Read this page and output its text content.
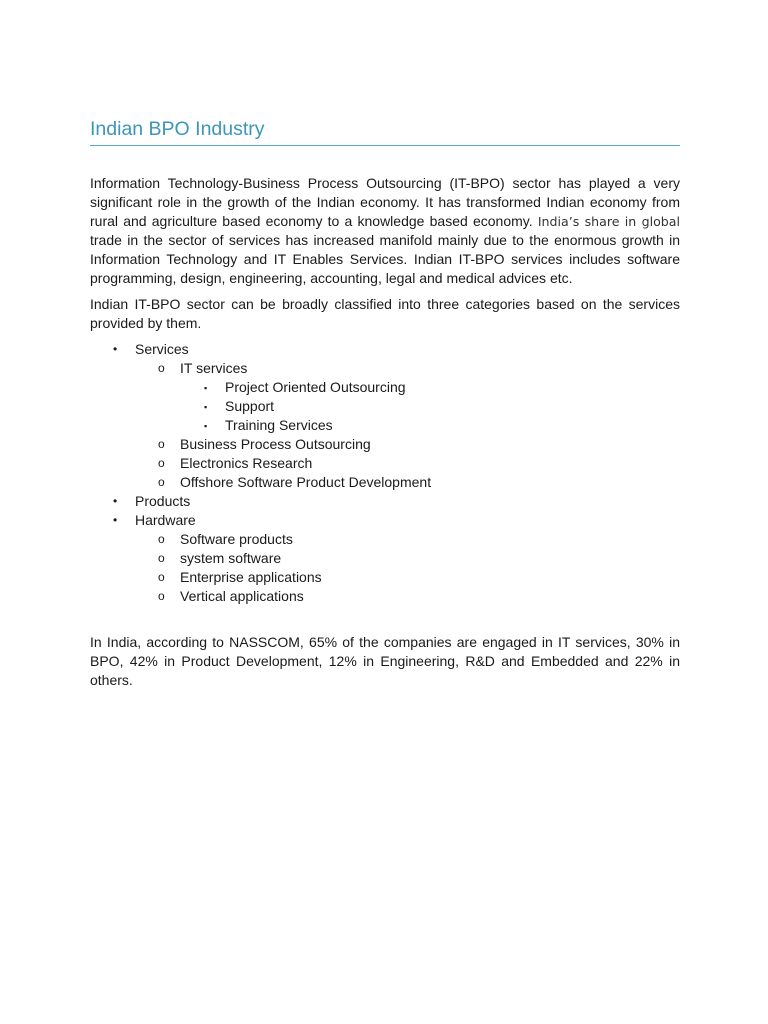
Indian BPO Industry

Information Technology-Business Process Outsourcing (IT-BPO) sector has played a very significant role in the growth of the Indian economy. It has transformed Indian economy from rural and agriculture based economy to a knowledge based economy. India’s share in global trade in the sector of services has increased manifold mainly due to the enormous growth in Information Technology and IT Enables Services. Indian IT-BPO services includes software programming, design, engineering, accounting, legal and medical advices etc.

Indian IT-BPO sector can be broadly classified into three categories based on the services provided by them.

• Services
o IT services
▪ Project Oriented Outsourcing
▪ Support
▪ Training Services
o Business Process Outsourcing
o Electronics Research
o Offshore Software Product Development
• Products
• Hardware
o Software products
o system software
o Enterprise applications
o Vertical applications

In India, according to NASSCOM, 65% of the companies are engaged in IT services, 30% in BPO, 42% in Product Development, 12% in Engineering, R&D and Embedded and 22% in others.
